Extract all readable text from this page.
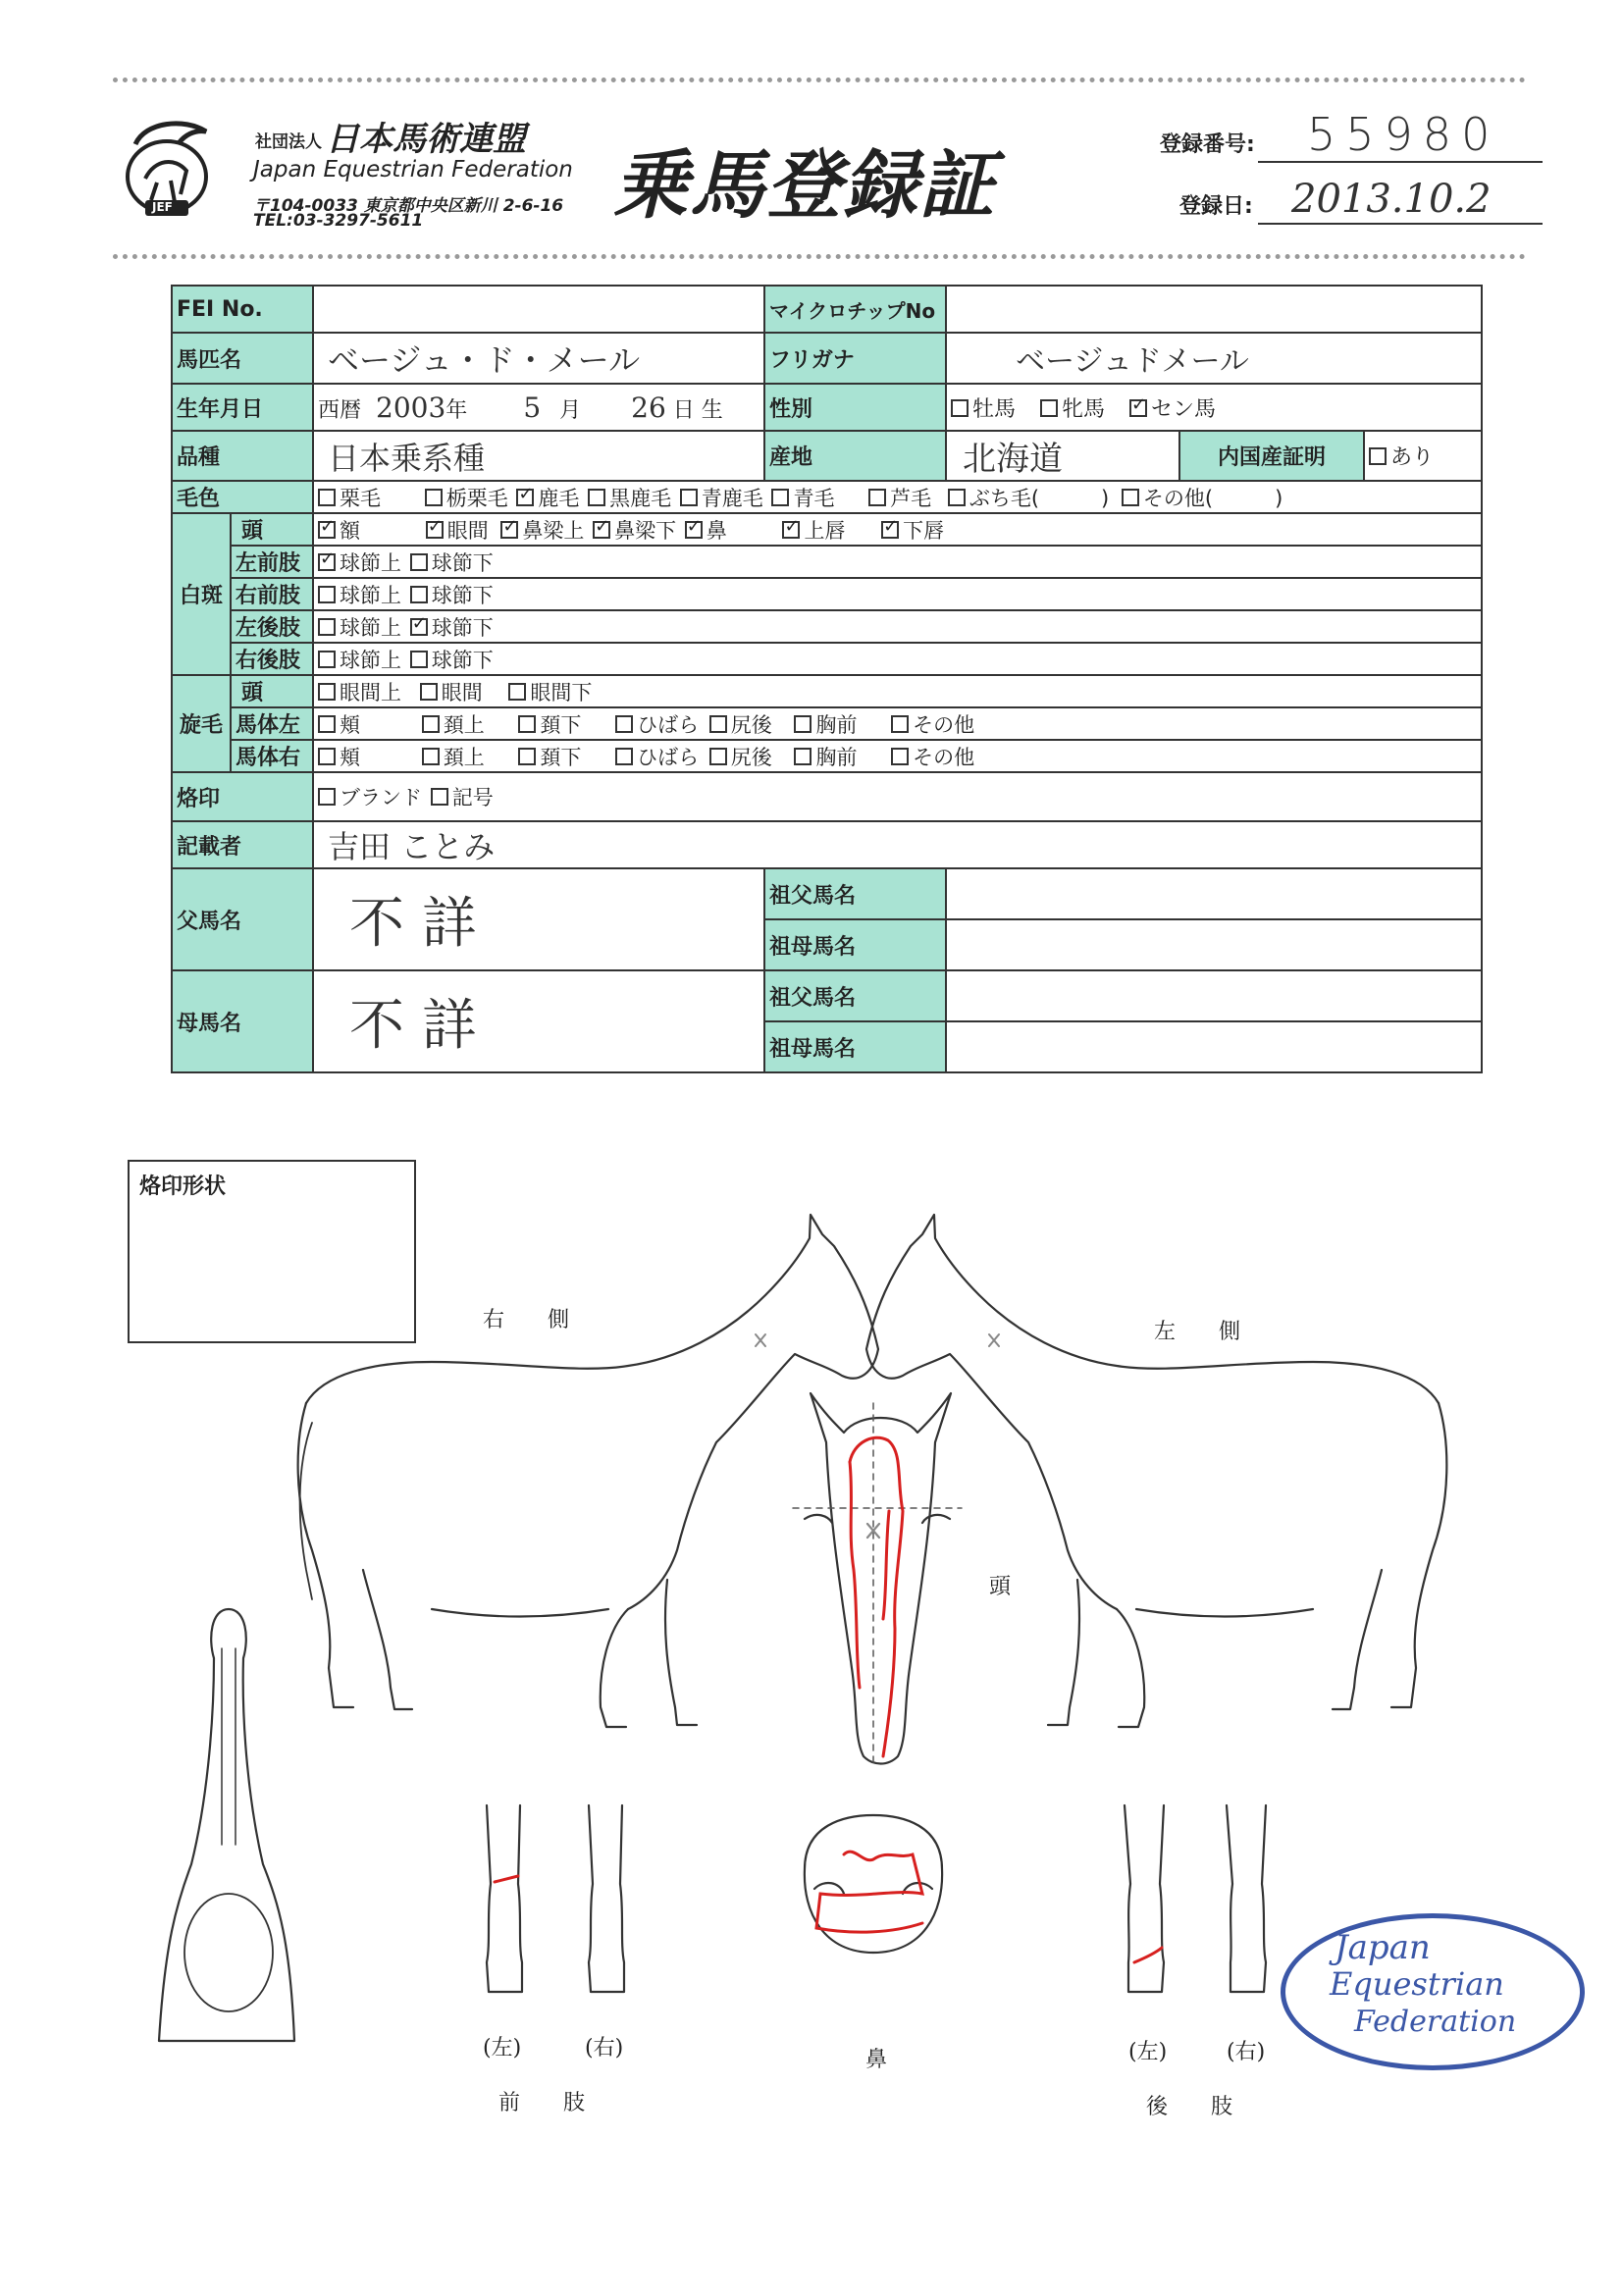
JEF
社団法人 日本馬術連盟
Japan Equestrian Federation
〒104-0033 東京都中央区新川 2-6-16
TEL:03-3297-5611	乗馬登録証	登録番号: 55980
登録日: 2013.10.2
FEI No.			マイクロチップNo			
馬匹名		ベージュ・ド・メール	フリガナ	ベージュドメール		
生年月日		西暦 2003年 5 月 26 日 生	性別	牡馬 牝馬 ✓ セン馬
品種		日本乗系種	産地	北海道	内国産証明	あり
毛色		栗毛 栃栗毛 ✓ 鹿毛 黒鹿毛 青鹿毛 青毛 芦毛 ぶち毛(　　　) その他(　　　)
白斑	頭	✓額 ✓ 眼間 ✓ 鼻梁上 ✓ 鼻梁下 ✓ 鼻 ✓ 上唇 ✓ 下唇
	左前肢	✓球節上 球節下
	右前肢	球節上 球節下				
	左後肢	球節上 ✓ 球節下
	右後肢	球節上 球節下				
旋毛	頭	眼間上 眼間 眼間下				
	馬体左	頬 頚上 頚下 ひばら 尻後 胸前 その他				
	馬体右	頬 頚上 頚下 ひばら 尻後 胸前 その他				
烙印		ブランド 記号				
記載者		吉田 ことみ				
父馬名		不 詳	祖父馬名			
			祖母馬名			
母馬名		不 詳	祖父馬名			
			祖母馬名			
烙印形状
右　　側	左　　側
頭
鼻
(左)	(右)
前　　肢
(左)	(右)
後　　肢
Japan
Equestrian
Federation
